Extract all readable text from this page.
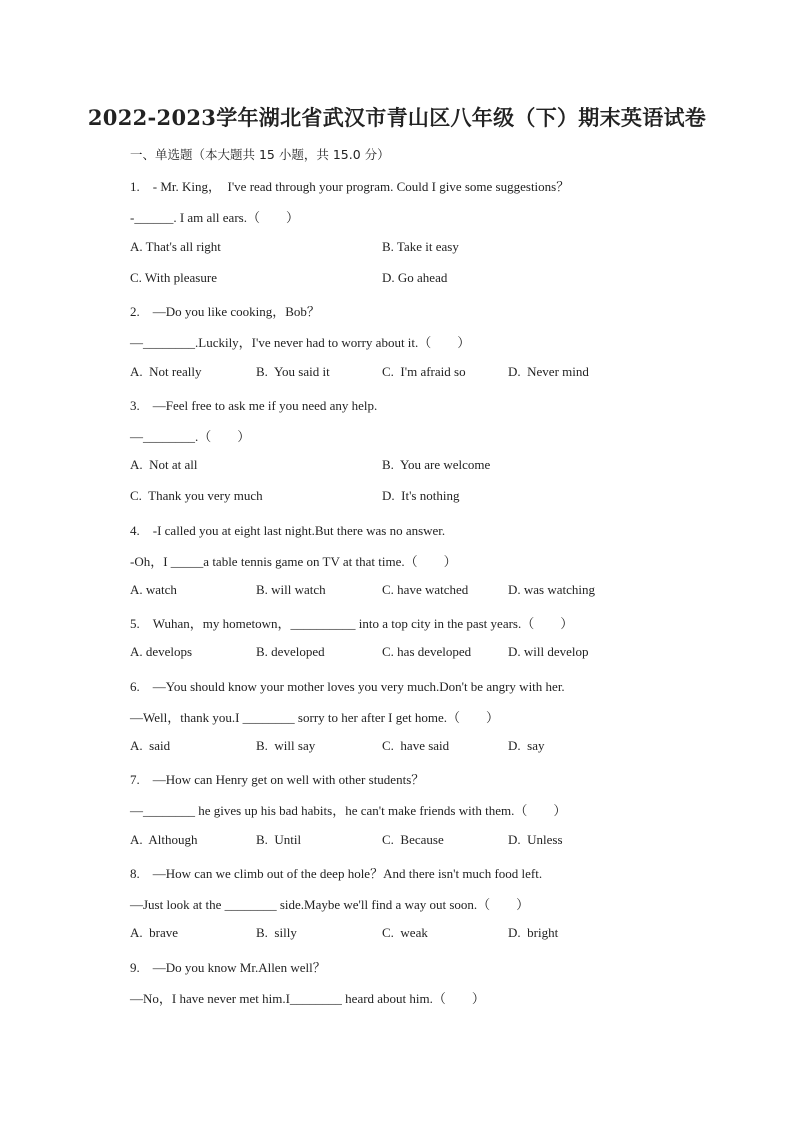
2022-2023学年湖北省武汉市青山区八年级（下）期末英语试卷
一、单选题（本大题共 15 小题，共 15.0 分）
1.　- Mr. King，  I've read through your program. Could I give some suggestions？
-______. I am all ears.（　　）
A. That's all right	B. Take it easy
C. With pleasure	D. Go ahead
2.　—Do you like cooking，Bob？
—________.Luckily，I've never had to worry about it.（　　）
A.  Not really	B.  You said it	C.  I'm afraid so	D.  Never mind
3.　—Feel free to ask me if you need any help.
—________.（　　）
A.  Not at all	B.  You are welcome
C.  Thank you very much	D.  It's nothing
4.　-I called you at eight last night.But there was no answer.
-Oh，I _____a table tennis game on TV at that time.（　　）
A. watch	B. will watch	C. have watched	D. was watching
5.　Wuhan，my hometown，__________ into a top city in the past years.（　　）
A. develops	B. developed	C. has developed	D. will develop
6.　—You should know your mother loves you very much.Don't be angry with her.
—Well，thank you.I ________ sorry to her after I get home.（　　）
A.  said	B.  will say	C.  have said	D.  say
7.　—How can Henry get on well with other students？
—________ he gives up his bad habits，he can't make friends with them.（　　）
A.  Although	B.  Until	C.  Because	D.  Unless
8.　—How can we climb out of the deep hole？And there isn't much food left.
—Just look at the ________ side.Maybe we'll find a way out soon.（　　）
A.  brave	B.  silly	C.  weak	D.  bright
9.　—Do you know Mr.Allen well？
—No，I have never met him.I________ heard about him.（　　）
